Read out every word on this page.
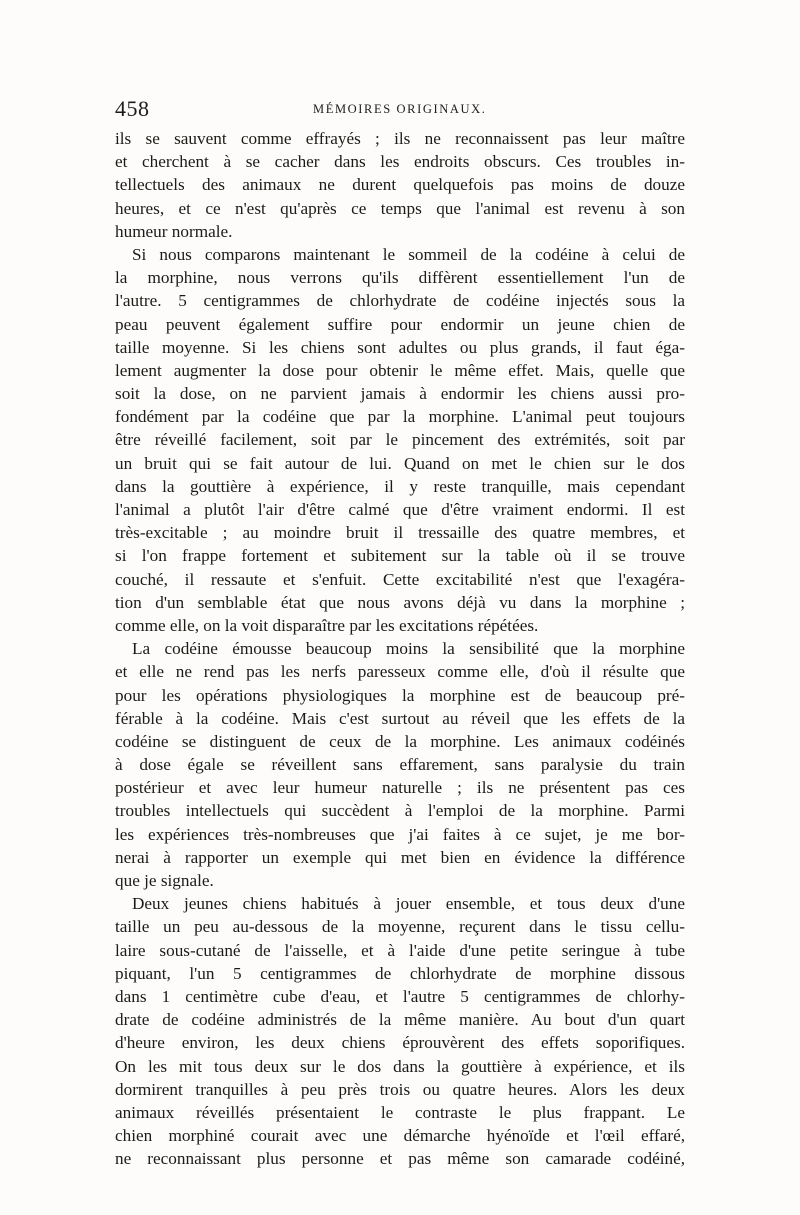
458	MÉMOIRES ORIGINAUX.
ils se sauvent comme effrayés ; ils ne reconnaissent pas leur maître
et cherchent à se cacher dans les endroits obscurs. Ces troubles in-
tellectuels des animaux ne durent quelquefois pas moins de douze
heures, et ce n'est qu'après ce temps que l'animal est revenu à son
humeur normale.
Si nous comparons maintenant le sommeil de la codéine à celui de
la morphine, nous verrons qu'ils diffèrent essentiellement l'un de
l'autre. 5 centigrammes de chlorhydrate de codéine injectés sous la
peau peuvent également suffire pour endormir un jeune chien de
taille moyenne. Si les chiens sont adultes ou plus grands, il faut éga-
lement augmenter la dose pour obtenir le même effet. Mais, quelle que
soit la dose, on ne parvient jamais à endormir les chiens aussi pro-
fondément par la codéine que par la morphine. L'animal peut toujours
être réveillé facilement, soit par le pincement des extrémités, soit par
un bruit qui se fait autour de lui. Quand on met le chien sur le dos
dans la gouttière à expérience, il y reste tranquille, mais cependant
l'animal a plutôt l'air d'être calmé que d'être vraiment endormi. Il est
très-excitable ; au moindre bruit il tressaille des quatre membres, et
si l'on frappe fortement et subitement sur la table où il se trouve
couché, il ressaute et s'enfuit. Cette excitabilité n'est que l'exagéra-
tion d'un semblable état que nous avons déjà vu dans la morphine ;
comme elle, on la voit disparaître par les excitations répétées.
La codéine émousse beaucoup moins la sensibilité que la morphine
et elle ne rend pas les nerfs paresseux comme elle, d'où il résulte que
pour les opérations physiologiques la morphine est de beaucoup pré-
férable à la codéine. Mais c'est surtout au réveil que les effets de la
codéine se distinguent de ceux de la morphine. Les animaux codéinés
à dose égale se réveillent sans effarement, sans paralysie du train
postérieur et avec leur humeur naturelle ; ils ne présentent pas ces
troubles intellectuels qui succèdent à l'emploi de la morphine. Parmi
les expériences très-nombreuses que j'ai faites à ce sujet, je me bor-
nerai à rapporter un exemple qui met bien en évidence la différence
que je signale.
Deux jeunes chiens habitués à jouer ensemble, et tous deux d'une
taille un peu au-dessous de la moyenne, reçurent dans le tissu cellu-
laire sous-cutané de l'aisselle, et à l'aide d'une petite seringue à tube
piquant, l'un 5 centigrammes de chlorhydrate de morphine dissous
dans 1 centimètre cube d'eau, et l'autre 5 centigrammes de chlorhy-
drate de codéine administrés de la même manière. Au bout d'un quart
d'heure environ, les deux chiens éprouvèrent des effets soporifiques.
On les mit tous deux sur le dos dans la gouttière à expérience, et ils
dormirent tranquilles à peu près trois ou quatre heures. Alors les deux
animaux réveillés présentaient le contraste le plus frappant. Le
chien morphiné courait avec une démarche hyénoïde et l'œil effaré,
ne reconnaissant plus personne et pas même son camarade codéiné,
